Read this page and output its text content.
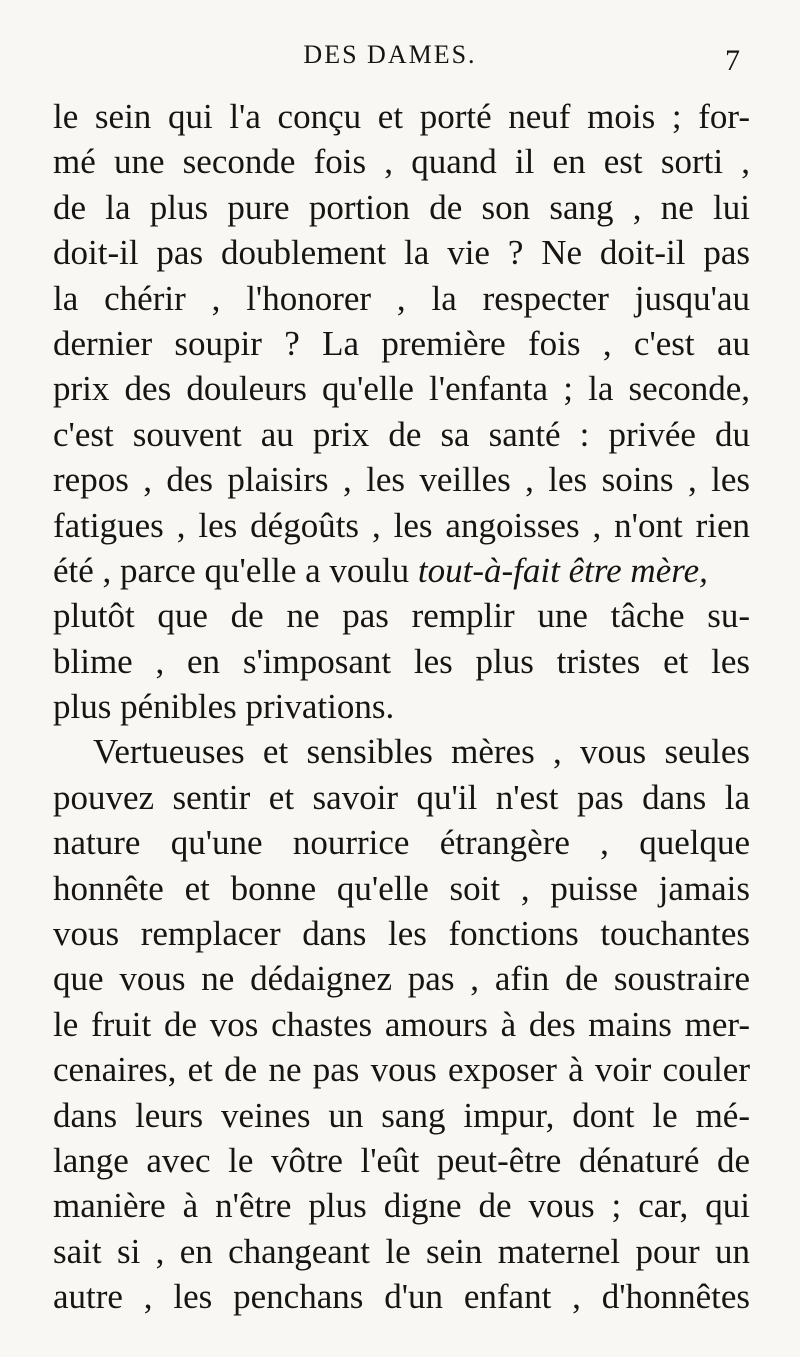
DES DAMES.	7
le sein qui l'a conçu et porté neuf mois ; for-
mé une seconde fois , quand il en est sorti ,
de la plus pure portion de son sang , ne lui
doit-il pas doublement la vie ? Ne doit-il pas
la chérir , l'honorer , la respecter jusqu'au
dernier soupir ? La première fois , c'est au
prix des douleurs qu'elle l'enfanta ; la seconde,
c'est souvent au prix de sa santé : privée du
repos , des plaisirs , les veilles , les soins , les
fatigues , les dégoûts , les angoisses , n'ont rien
été , parce qu'elle a voulu tout-à-fait être mère,
plutôt que de ne pas remplir une tâche su-
blime , en s'imposant les plus tristes et les
plus pénibles privations.
Vertueuses et sensibles mères , vous seules
pouvez sentir et savoir qu'il n'est pas dans la
nature qu'une nourrice étrangère , quelque
honnête et bonne qu'elle soit , puisse jamais
vous remplacer dans les fonctions touchantes
que vous ne dédaignez pas , afin de soustraire
le fruit de vos chastes amours à des mains mer-
cenaires, et de ne pas vous exposer à voir couler
dans leurs veines un sang impur, dont le mé-
lange avec le vôtre l'eût peut-être dénaturé de
manière à n'être plus digne de vous ; car, qui
sait si , en changeant le sein maternel pour un
autre , les penchans d'un enfant , d'honnêtes
